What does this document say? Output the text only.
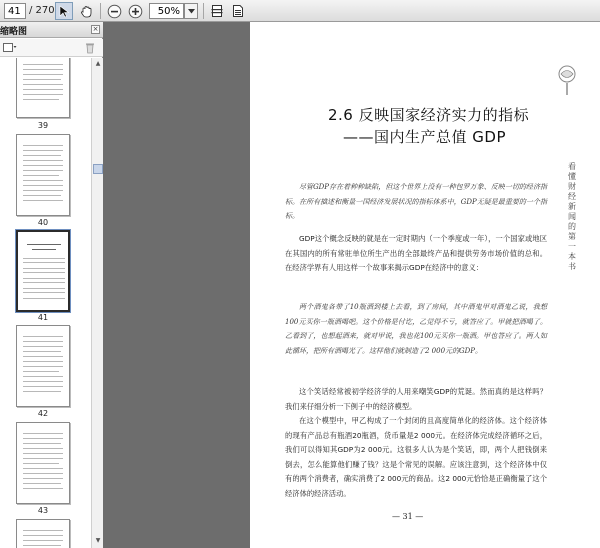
41
/ 270
50%
缩略图	×
39
40
41
42
43
▲
▼
看懂财经新闻的第一本书
2.6 反映国家经济实力的指标
——国内生产总值 GDP

尽管GDP存在着种种缺陷，但这个世界上没有一种包罗万象、反映一切的经济指标。在所有描述和衡量一国经济发展状况的指标体系中，GDP无疑是最重要的一个指标。

GDP这个概念反映的就是在一定时期内（一个季度或一年），一个国家或地区在其国内的所有常驻单位所生产出的全部最终产品和提供劳务市场价值的总和。在经济学界有人用这样一个故事来揭示GDP在经济中的意义：

两个酒鬼各带了10瓶酒到楼上去看，到了房间，其中酒鬼甲对酒鬼乙说，我想100元买你一瓶酒喝吧。这个价格是付讫，乙觉得不亏，就答应了。甲就把酒喝了。乙看到了，也想起酒来，就对甲说，我也花100元买你一瓶酒。甲也答应了。两人如此循环，把所有酒喝光了。这样他们就制造了2 000元的GDP。

这个笑话经常被初学经济学的人用来嘲笑GDP的荒诞。然而真的是这样吗？我们来仔细分析一下例子中的经济模型。

在这个模型中，甲乙构成了一个封闭的且高度简单化的经济体。这个经济体的现有产品总有瓶酒20瓶酒，货币量是2 000元。在经济体完成经济循环之后，我们可以得知其GDP为2 000元。这很多人认为是个笑话，即，两个人把钱倒来倒去，怎么能算他们赚了钱？这是个常见的误解。应该注意到，这个经济体中仅有的两个消费者，确实消费了2 000元的商品。这2 000元恰恰是正确衡量了这个经济体的经济活动。

— 31 —
